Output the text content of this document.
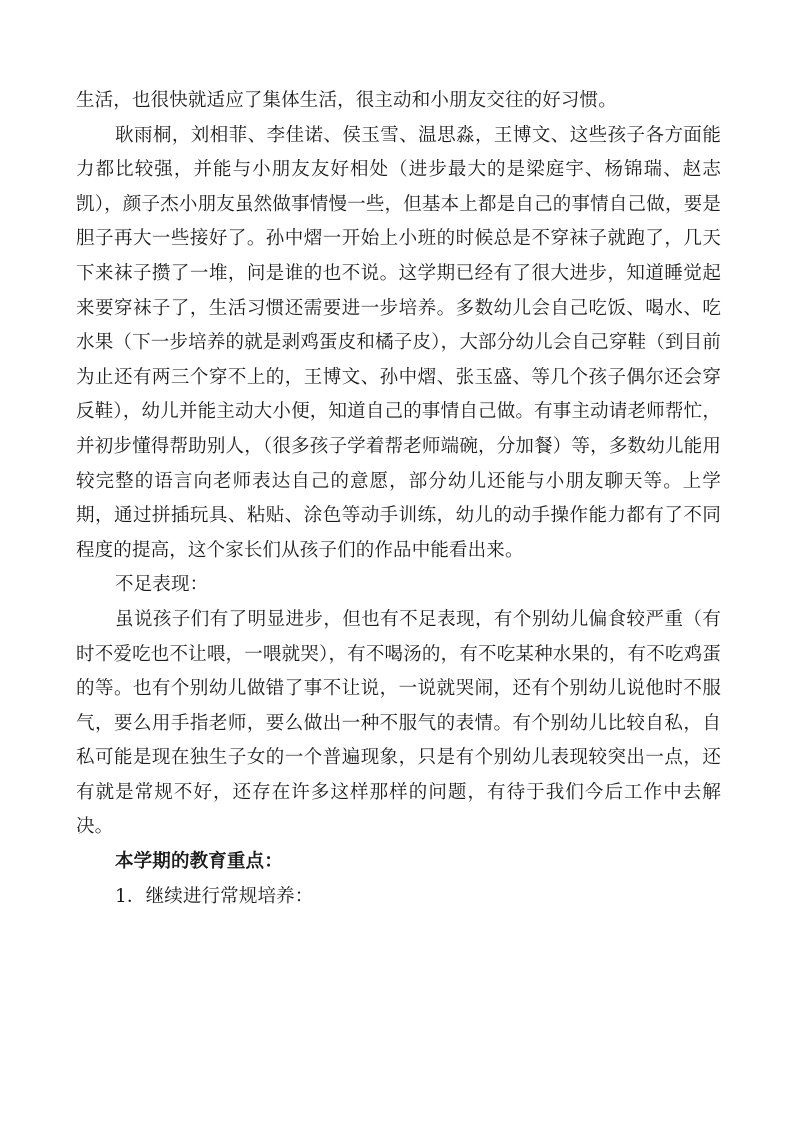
生活，也很快就适应了集体生活，很主动和小朋友交往的好习惯。

耿雨桐，刘相菲、李佳诺、侯玉雪、温思淼，王博文、这些孩子各方面能力都比较强，并能与小朋友友好相处（进步最大的是梁庭宇、杨锦瑞、赵志凯），颜子杰小朋友虽然做事情慢一些，但基本上都是自己的事情自己做，要是胆子再大一些接好了。孙中熠一开始上小班的时候总是不穿袜子就跑了，几天下来袜子攒了一堆，问是谁的也不说。这学期已经有了很大进步，知道睡觉起来要穿袜子了，生活习惯还需要进一步培养。多数幼儿会自己吃饭、喝水、吃水果（下一步培养的就是剥鸡蛋皮和橘子皮），大部分幼儿会自己穿鞋（到目前为止还有两三个穿不上的，王博文、孙中熠、张玉盛、等几个孩子偶尔还会穿反鞋），幼儿并能主动大小便，知道自己的事情自己做。有事主动请老师帮忙，并初步懂得帮助别人，（很多孩子学着帮老师端碗，分加餐）等，多数幼儿能用较完整的语言向老师表达自己的意愿，部分幼儿还能与小朋友聊天等。上学期，通过拼插玩具、粘贴、涂色等动手训练，幼儿的动手操作能力都有了不同程度的提高，这个家长们从孩子们的作品中能看出来。

不足表现：

虽说孩子们有了明显进步，但也有不足表现，有个别幼儿偏食较严重（有时不爱吃也不让喂，一喂就哭），有不喝汤的，有不吃某种水果的，有不吃鸡蛋的等。也有个别幼儿做错了事不让说，一说就哭闹，还有个别幼儿说他时不服气，要么用手指老师，要么做出一种不服气的表情。有个别幼儿比较自私，自私可能是现在独生子女的一个普遍现象，只是有个别幼儿表现较突出一点，还有就是常规不好，还存在许多这样那样的问题，有待于我们今后工作中去解决。

本学期的教育重点：

1．继续进行常规培养：
